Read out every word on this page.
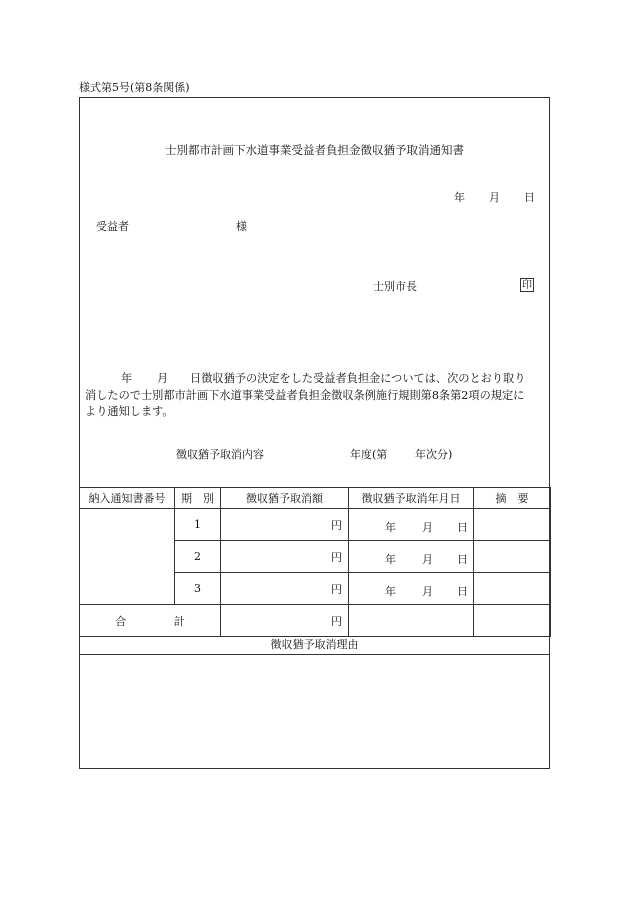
様式第5号(第8条関係)
士別都市計画下水道事業受益者負担金徴収猶予取消通知書
年 月 日
受益者	様
士別市長	印
年 月 日徴収猶予の決定をした受益者負担金については、次のとおり取り
消したので士別都市計画下水道事業受益者負担金徴収条例施行規則第8条第2項の規定に
より通知します。
徴収猶予取消内容	年度(第	年次分)
納入通知書番号	期　別	徴収猶予取消額	徴収猶予取消年月日	摘　要
	1	円	年 月 日	

	2	円	年 月 日	

	3	円	年 月 日	

合 計		円		
徴収猶予取消理由
